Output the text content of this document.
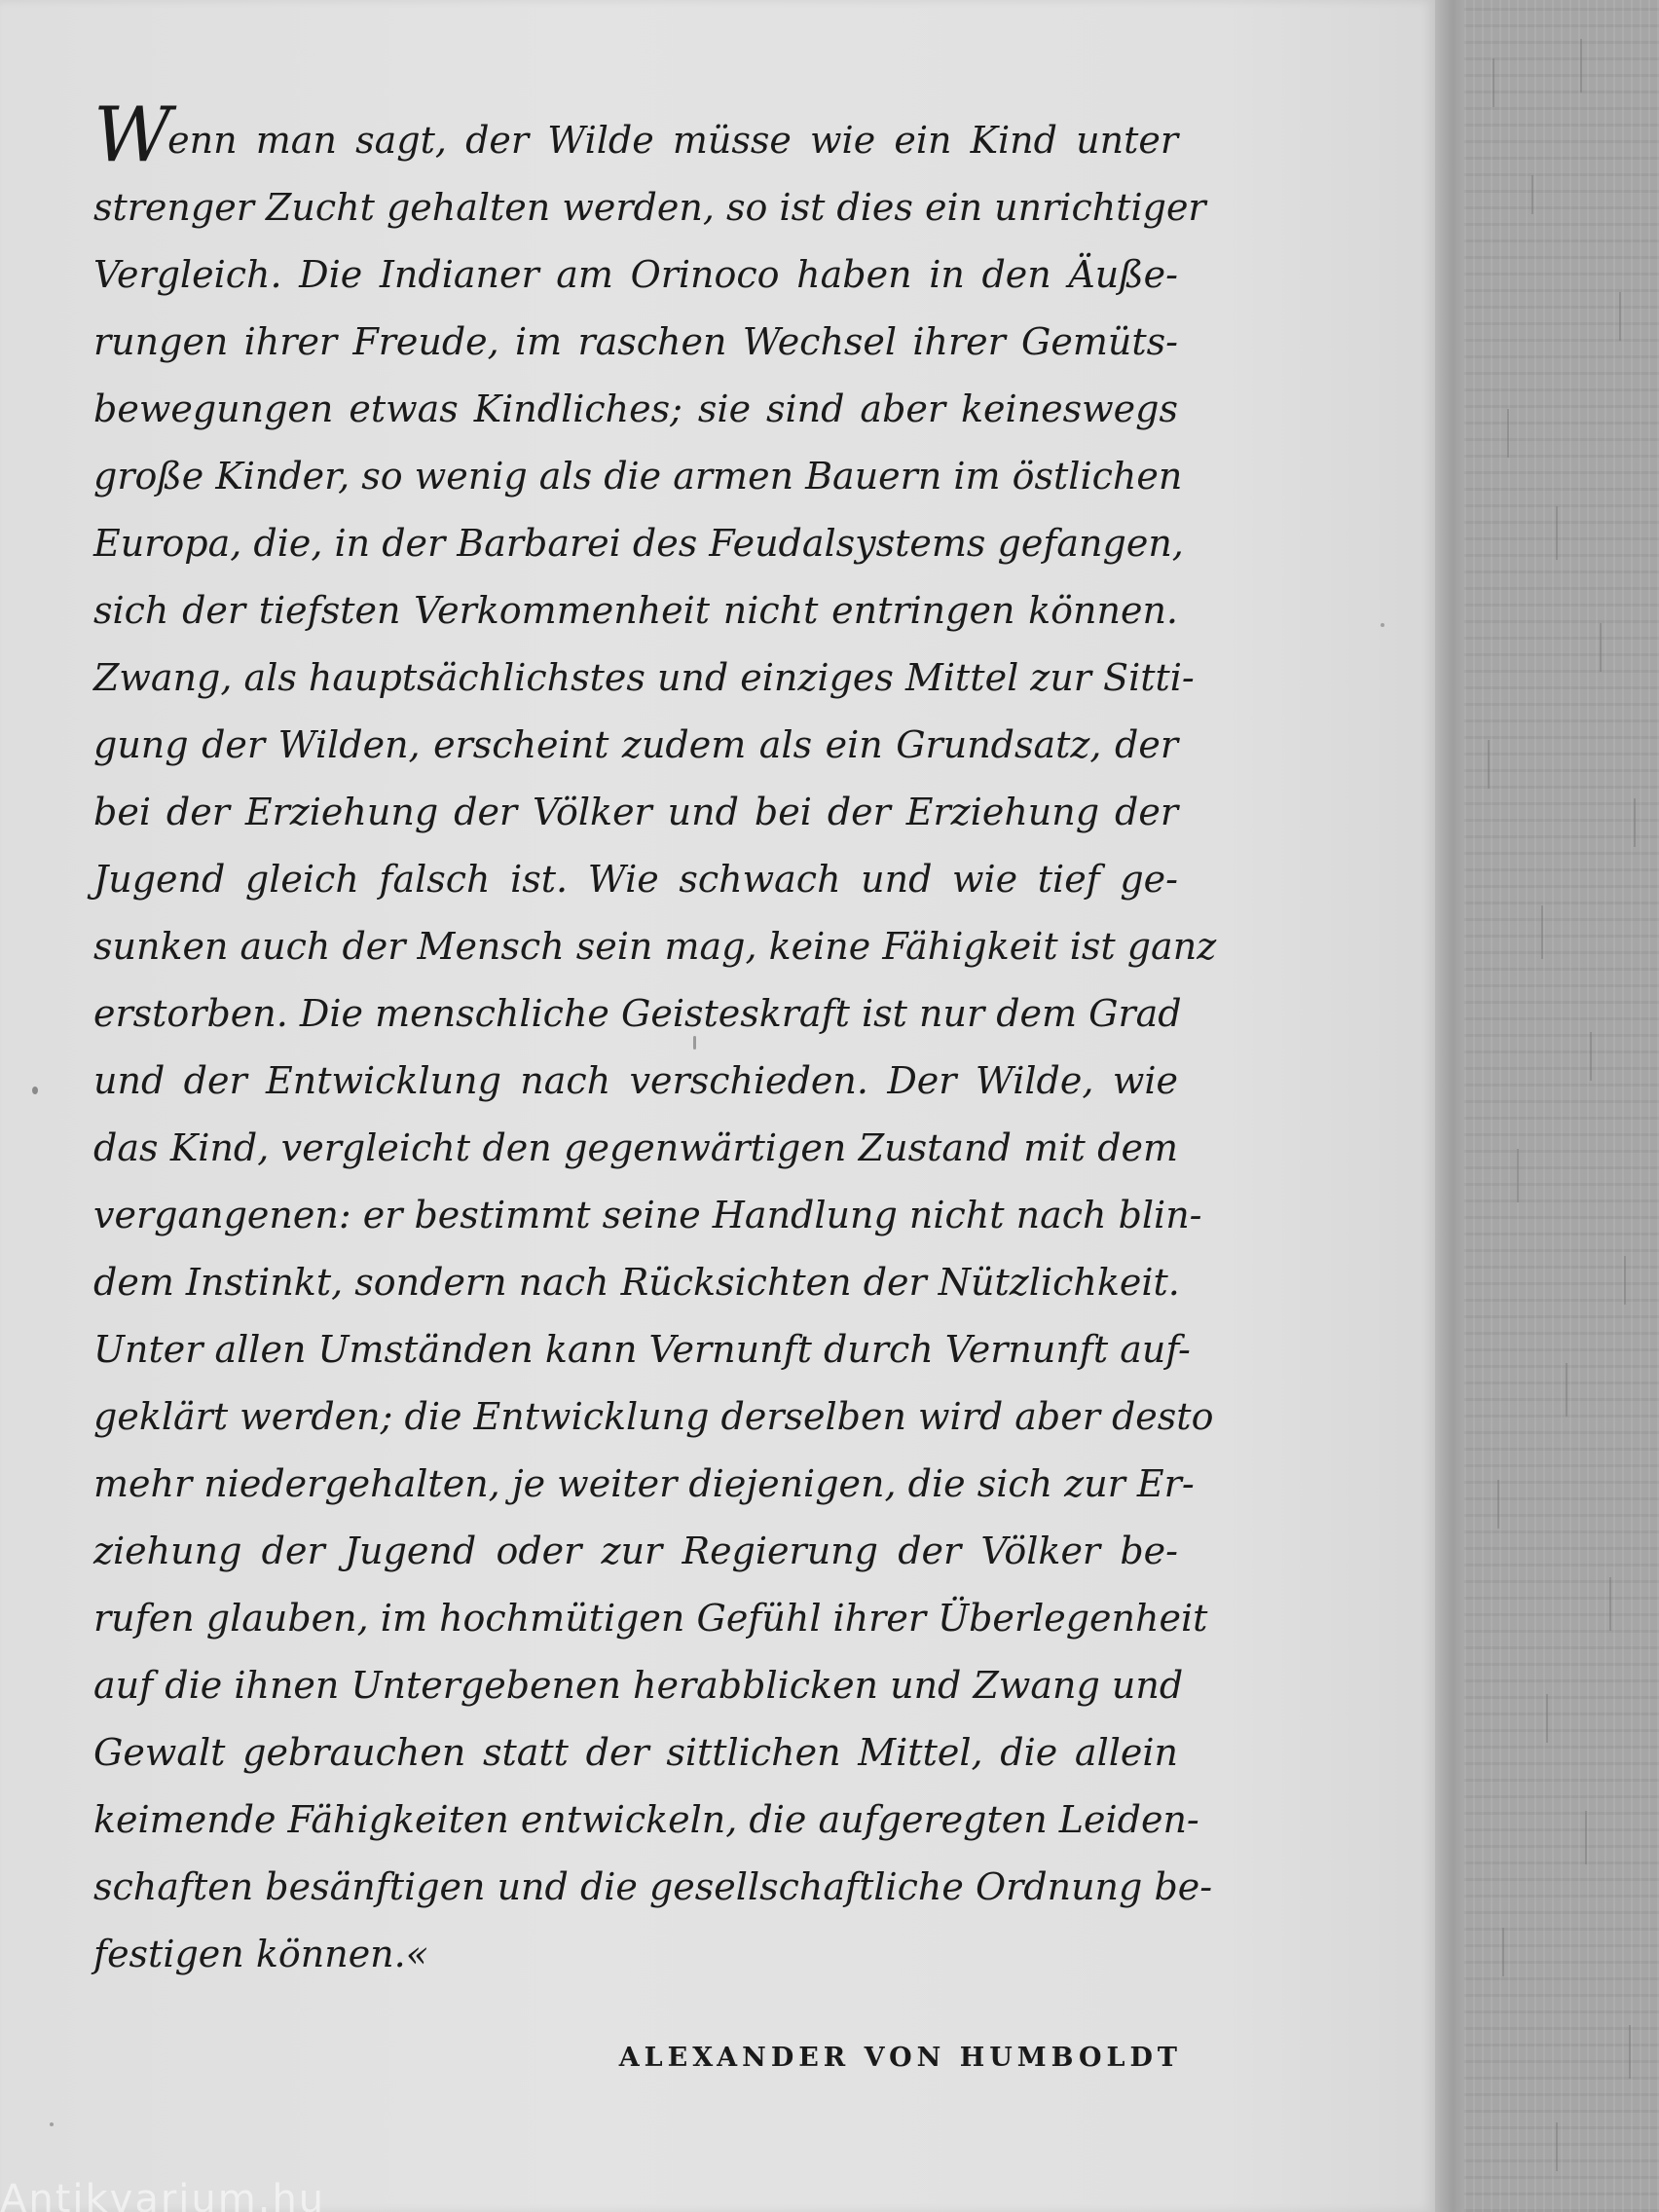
Wenn man sagt, der Wilde müsse wie ein Kind unter
strenger Zucht gehalten werden, so ist dies ein unrichtiger
Vergleich. Die Indianer am Orinoco haben in den Äuße-
rungen ihrer Freude, im raschen Wechsel ihrer Gemüts-
bewegungen etwas Kindliches; sie sind aber keineswegs
große Kinder, so wenig als die armen Bauern im östlichen
Europa, die, in der Barbarei des Feudalsystems gefangen,
sich der tiefsten Verkommenheit nicht entringen können.
Zwang, als hauptsächlichstes und einziges Mittel zur Sitti-
gung der Wilden, erscheint zudem als ein Grundsatz, der
bei der Erziehung der Völker und bei der Erziehung der
Jugend gleich falsch ist. Wie schwach und wie tief ge-
sunken auch der Mensch sein mag, keine Fähigkeit ist ganz
erstorben. Die menschliche Geisteskraft ist nur dem Grad
und der Entwicklung nach verschieden. Der Wilde, wie
das Kind, vergleicht den gegenwärtigen Zustand mit dem
vergangenen: er bestimmt seine Handlung nicht nach blin-
dem Instinkt, sondern nach Rücksichten der Nützlichkeit.
Unter allen Umständen kann Vernunft durch Vernunft auf-
geklärt werden; die Entwicklung derselben wird aber desto
mehr niedergehalten, je weiter diejenigen, die sich zur Er-
ziehung der Jugend oder zur Regierung der Völker be-
rufen glauben, im hochmütigen Gefühl ihrer Überlegenheit
auf die ihnen Untergebenen herabblicken und Zwang und
Gewalt gebrauchen statt der sittlichen Mittel, die allein
keimende Fähigkeiten entwickeln, die aufgeregten Leiden-
schaften besänftigen und die gesellschaftliche Ordnung be-
festigen können.«

ALEXANDER VON HUMBOLDT

Antikvarium.hu
